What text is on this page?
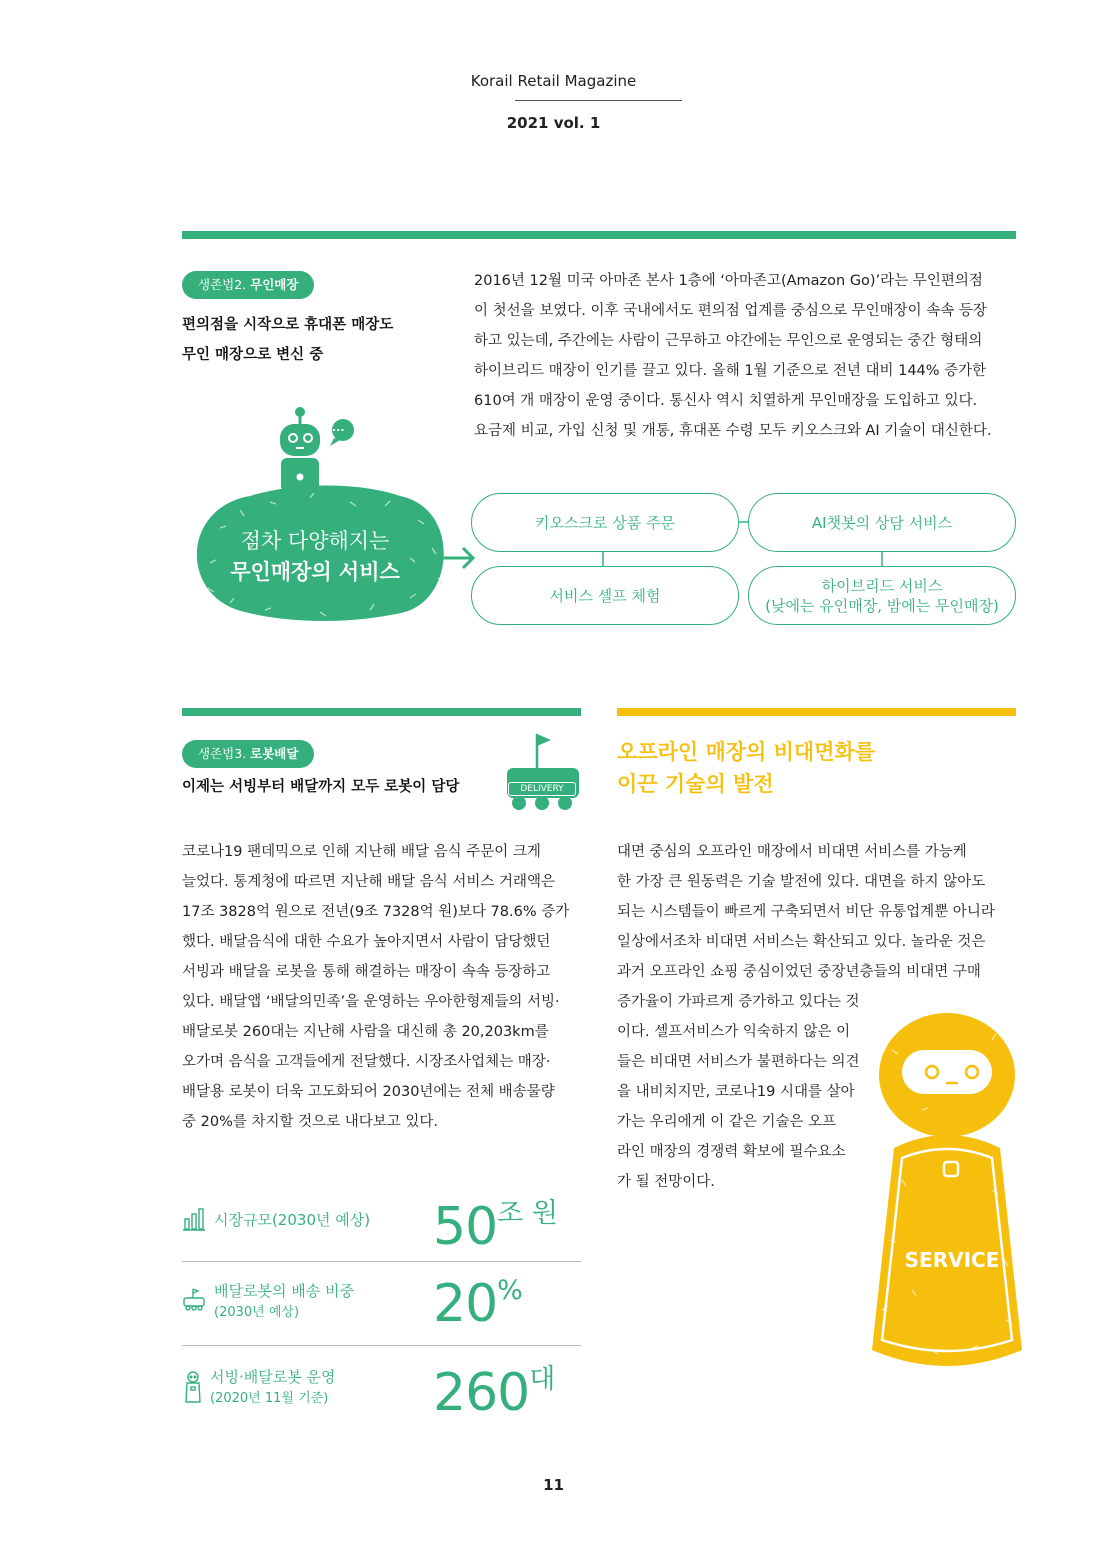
Korail Retail Magazine
2021 vol. 1
생존법2. 무인매장
편의점을 시작으로 휴대폰 매장도
무인 매장으로 변신 중

2016년 12월 미국 아마존 본사 1층에 ‘아마존고(Amazon Go)’라는 무인편의점

이 첫선을 보였다. 이후 국내에서도 편의점 업계를 중심으로 무인매장이 속속 등장

하고 있는데, 주간에는 사람이 근무하고 야간에는 무인으로 운영되는 중간 형태의

하이브리드 매장이 인기를 끌고 있다. 올해 1월 기준으로 전년 대비 144% 증가한

610여 개 매장이 운영 중이다. 통신사 역시 치열하게 무인매장을 도입하고 있다.

요금제 비교, 가입 신청 및 개통, 휴대폰 수령 모두 키오스크와 AI 기술이 대신한다.

...
점차 다양해지는
무인매장의 서비스
키오스크로 상품 주문	AI챗봇의 상담 서비스
서비스 셀프 체험
하이브리드 서비스
(낮에는 유인매장, 밤에는 무인매장)
생존법3. 로봇배달
이제는 서빙부터 배달까지 모두 로봇이 담당	DELIVERY

코로나19 팬데믹으로 인해 지난해 배달 음식 주문이 크게

늘었다. 통계청에 따르면 지난해 배달 음식 서비스 거래액은

17조 3828억 원으로 전년(9조 7328억 원)보다 78.6% 증가

했다. 배달음식에 대한 수요가 높아지면서 사람이 담당했던

서빙과 배달을 로봇을 통해 해결하는 매장이 속속 등장하고

있다. 배달앱 ‘배달의민족’을 운영하는 우아한형제들의 서빙·

배달로봇 260대는 지난해 사람을 대신해 총 20,203km를

오가며 음식을 고객들에게 전달했다. 시장조사업체는 매장·

배달용 로봇이 더욱 고도화되어 2030년에는 전체 배송물량

중 20%를 차지할 것으로 내다보고 있다.

시장규모(2030년 예상) 50조 원
배달로봇의 배송 비중
(2030년 예상)	20%
서빙·배달로봇 운영
(2020년 11월 기준) 260대
오프라인 매장의 비대면화를
이끈 기술의 발전
SERVICE

대면 중심의 오프라인 매장에서 비대면 서비스를 가능케

한 가장 큰 원동력은 기술 발전에 있다. 대면을 하지 않아도

되는 시스템들이 빠르게 구축되면서 비단 유통업계뿐 아니라

일상에서조차 비대면 서비스는 확산되고 있다. 놀라운 것은

과거 오프라인 쇼핑 중심이었던 중장년층들의 비대면 구매

증가율이 가파르게 증가하고 있다는 것

이다. 셀프서비스가 익숙하지 않은 이

들은 비대면 서비스가 불편하다는 의견

을 내비치지만, 코로나19 시대를 살아

가는 우리에게 이 같은 기술은 오프

라인 매장의 경쟁력 확보에 필수요소

가 될 전망이다.

11
